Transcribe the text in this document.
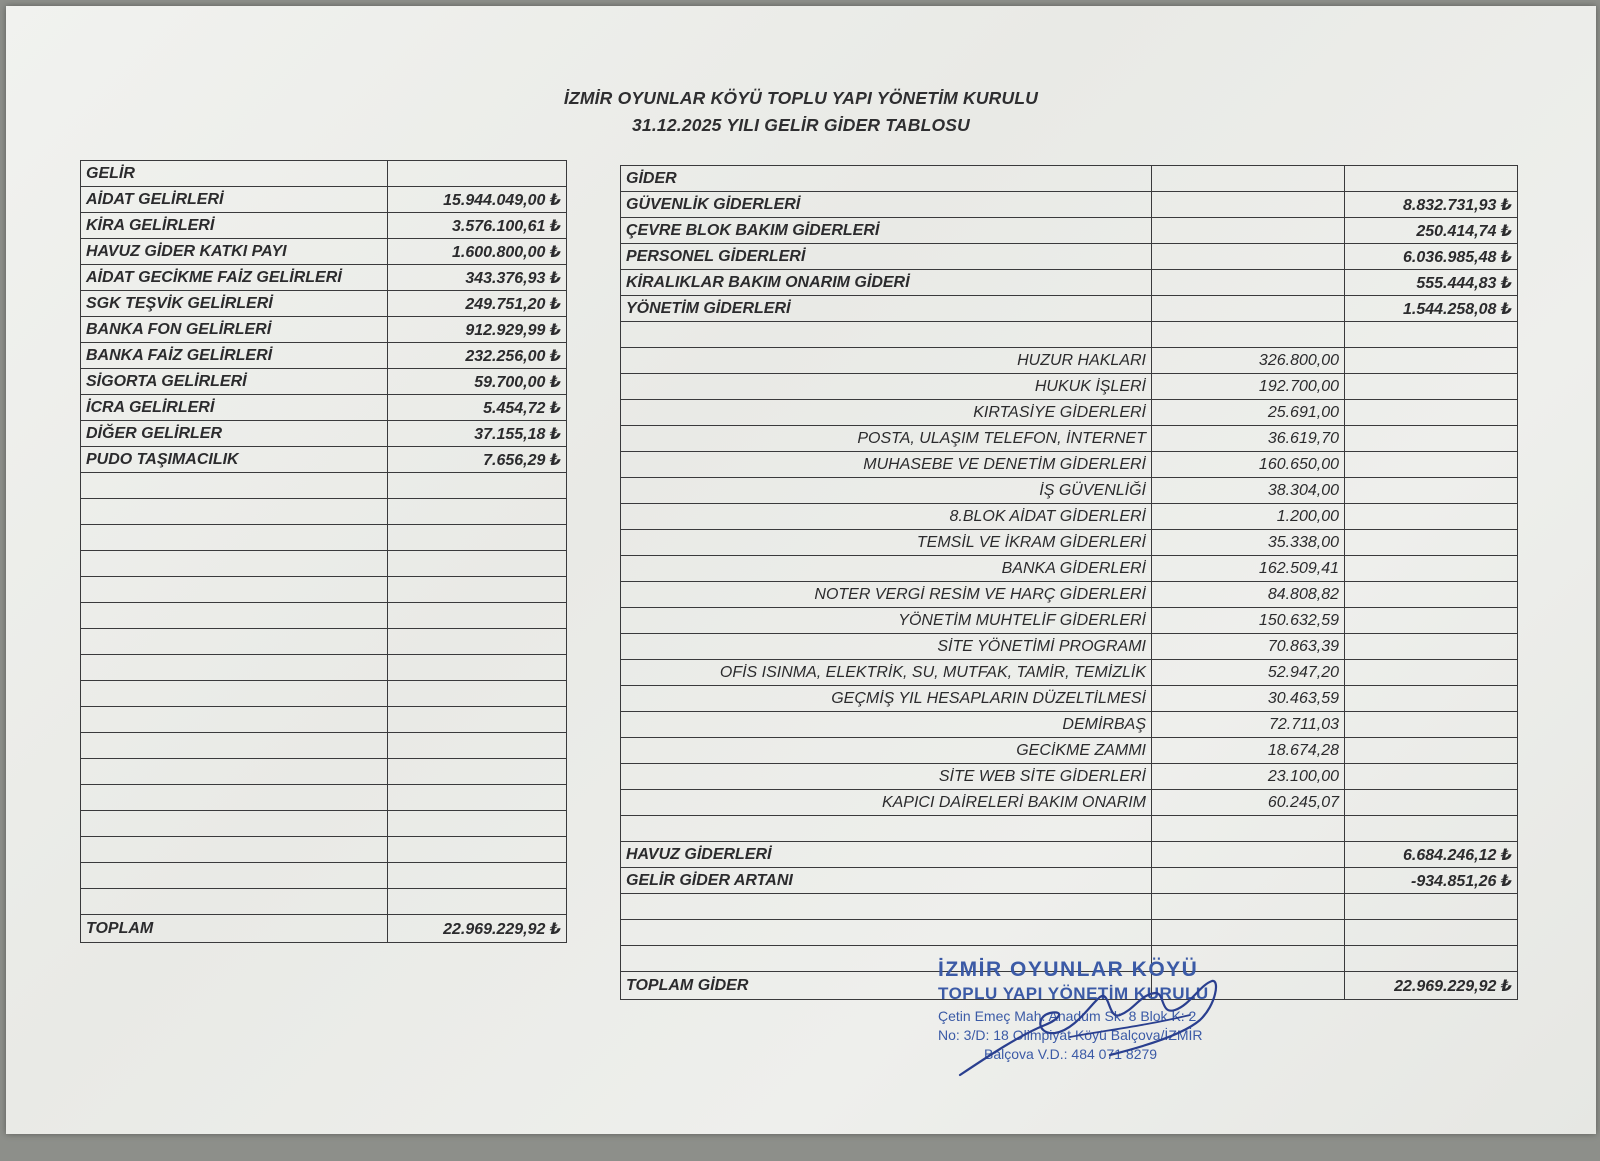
İZMİR OYUNLAR KÖYÜ TOPLU YAPI YÖNETİM KURULU
31.12.2025 YILI GELİR GİDER TABLOSU
GELİR	
AİDAT GELİRLERİ	15.944.049,00 ₺
KİRA GELİRLERİ	3.576.100,61 ₺
HAVUZ GİDER KATKI PAYI	1.600.800,00 ₺
AİDAT GECİKME FAİZ GELİRLERİ	343.376,93 ₺
SGK TEŞVİK GELİRLERİ	249.751,20 ₺
BANKA FON GELİRLERİ	912.929,99 ₺
BANKA FAİZ GELİRLERİ	232.256,00 ₺
SİGORTA GELİRLERİ	59.700,00 ₺
İCRA GELİRLERİ	5.454,72 ₺
DİĞER GELİRLER	37.155,18 ₺
PUDO TAŞIMACILIK	7.656,29 ₺

TOPLAM	22.969.229,92 ₺
GİDER		
GÜVENLİK GİDERLERİ		8.832.731,93 ₺
ÇEVRE BLOK BAKIM GİDERLERİ		250.414,74 ₺
PERSONEL GİDERLERİ		6.036.985,48 ₺
KİRALIKLAR BAKIM ONARIM GİDERİ		555.444,83 ₺
YÖNETİM GİDERLERİ		1.544.258,08 ₺

HUZUR HAKLARI	326.800,00	
HUKUK İŞLERİ	192.700,00	
KIRTASİYE GİDERLERİ	25.691,00	
POSTA, ULAŞIM TELEFON, İNTERNET	36.619,70	
MUHASEBE VE DENETİM GİDERLERİ	160.650,00	
İŞ GÜVENLİĞİ	38.304,00	
8.BLOK AİDAT GİDERLERİ	1.200,00	
TEMSİL VE İKRAM GİDERLERİ	35.338,00	
BANKA GİDERLERİ	162.509,41	
NOTER VERGİ RESİM VE HARÇ GİDERLERİ	84.808,82	
YÖNETİM MUHTELİF GİDERLERİ	150.632,59	
SİTE YÖNETİMİ PROGRAMI	70.863,39	
OFİS ISINMA, ELEKTRİK, SU, MUTFAK, TAMİR, TEMİZLİK	52.947,20	
GEÇMİŞ YIL HESAPLARIN DÜZELTİLMESİ	30.463,59	
DEMİRBAŞ	72.711,03	
GECİKME ZAMMI	18.674,28	
SİTE WEB SİTE GİDERLERİ	23.100,00	
KAPICI DAİRELERİ BAKIM ONARIM	60.245,07	

HAVUZ GİDERLERİ		6.684.246,12 ₺
GELİR GİDER ARTANI		-934.851,26 ₺

TOPLAM GİDER		22.969.229,92 ₺
İZMİR OYUNLAR KÖYÜ
TOPLU YAPI YÖNETİM KURULU
Çetin Emeç Mah. Anadum Sk. 8 Blok K: 2
No: 3/D: 18 Olimpiyat Köyü Balçova/İZMİR
Balçova V.D.: 484 071 8279
